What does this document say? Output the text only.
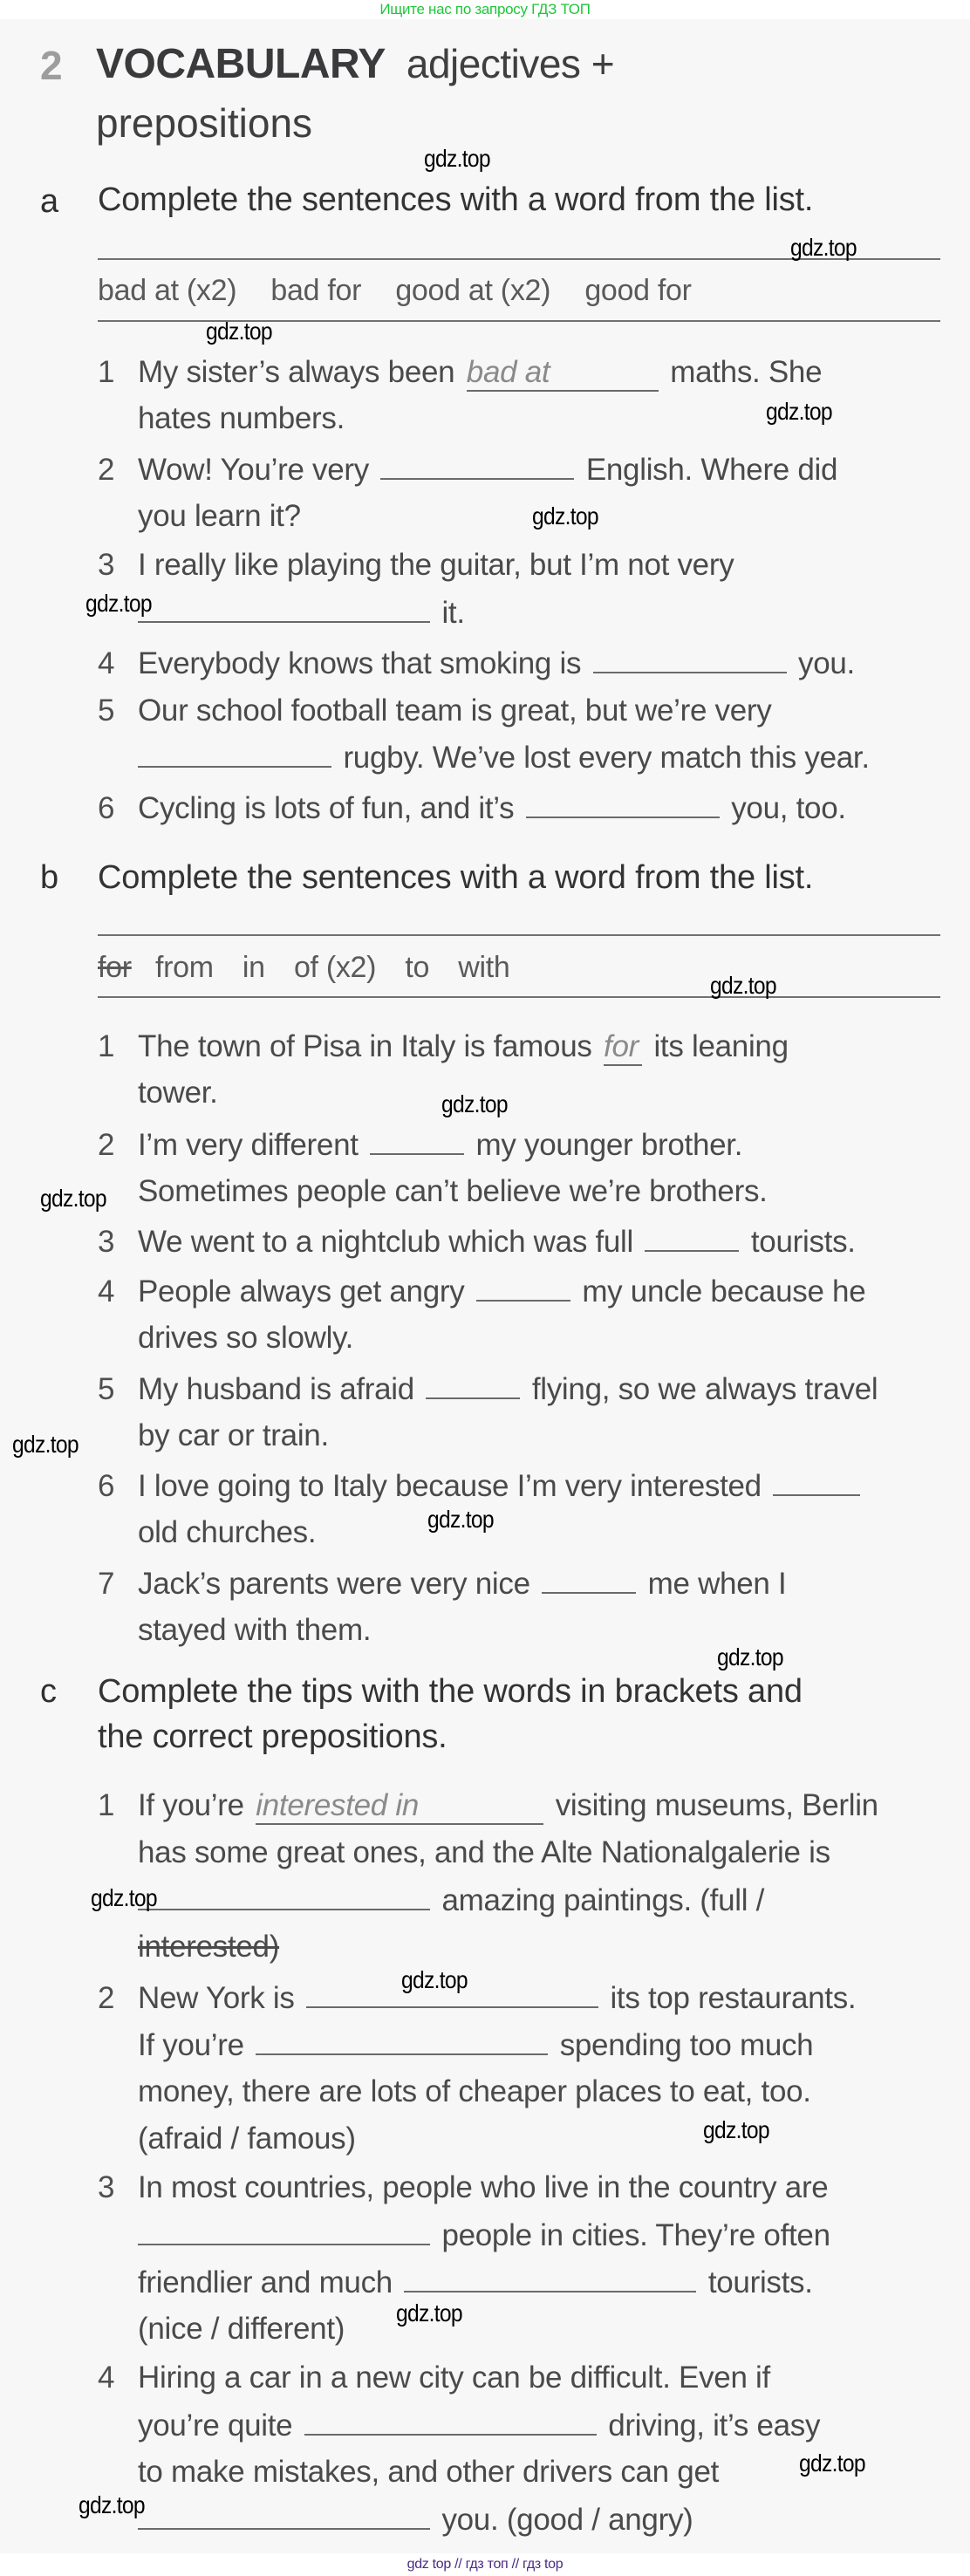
Ищите нас по запросу ГДЗ ТОП
2 VOCABULARY adjectives +
prepositions
a Complete the sentences with a word from the list.
bad at (x2) bad for good at (x2) good for
1 My sister’s always been bad at	maths. She
hates numbers.
2 Wow! You’re very	English. Where did
you learn it?
3 I really like playing the guitar, but I’m not very
it.
4 Everybody knows that smoking is	you.
5 Our school football team is great, but we’re very
rugby. We’ve lost every match this year.
6 Cycling is lots of fun, and it’s	you, too.
b Complete the sentences with a word from the list.
for from in of (x2) to with
1 The town of Pisa in Italy is famous for its leaning
tower.
2 I’m very different	my younger brother.
Sometimes people can’t believe we’re brothers.
3 We went to a nightclub which was full	tourists.
4 People always get angry	my uncle because he
drives so slowly.
5 My husband is afraid	flying, so we always travel
by car or train.
6 I love going to Italy because I’m very interested
old churches.
7 Jack’s parents were very nice	me when I
stayed with them.
c Complete the tips with the words in brackets and
the correct prepositions.
1 If you’re interested in	visiting museums, Berlin
has some great ones, and the Alte Nationalgalerie is
amazing paintings. (full /
interested)
2 New York is	its top restaurants.
If you’re	spending too much
money, there are lots of cheaper places to eat, too.
(afraid / famous)
3 In most countries, people who live in the country are
people in cities. They’re often
friendlier and much	tourists.
(nice / different)
4 Hiring a car in a new city can be difficult. Even if
you’re quite	driving, it’s easy
to make mistakes, and other drivers can get
you. (good / angry)
gdz.top
gdz.top
gdz.top
gdz.top
gdz.top
gdz.top
gdz.top
gdz.top
gdz.top
gdz.top
gdz.top
gdz.top
gdz.top
gdz.top
gdz.top
gdz.top
gdz.top
gdz.top
gdz top // гдз топ // гдз top
